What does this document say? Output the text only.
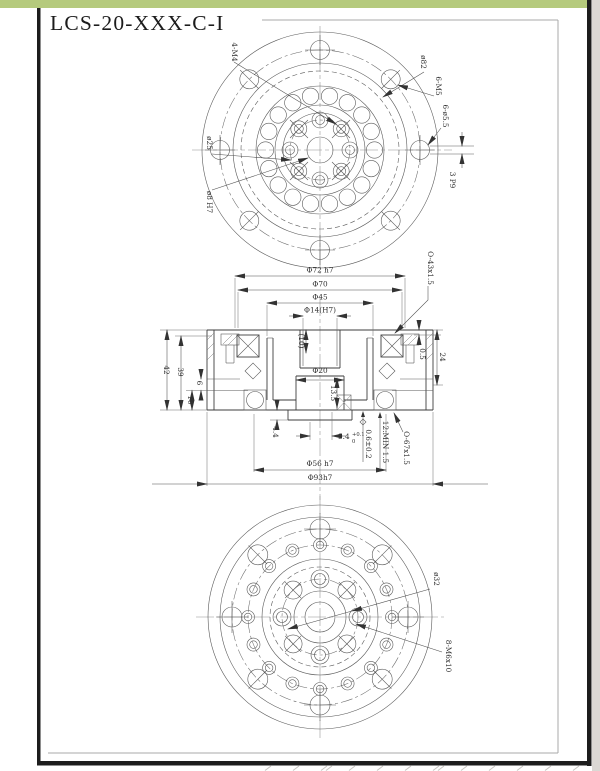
LCS-20-XXX-C-I
4-M4
ø25
ø8 H7
ø82
6-M5
6-ø5.5
3 P9
Φ72 h7
Φ70
Φ45
Φ14(H7)
(10)
O-43x1.5
0.5 24
42 39
6
10
Φ20
13.5
4.4	9.4 +0.1
0 0.6±0.2 12:MIN 1.5 O-67x1.5
Φ56 h7
Φ93h7
ø32
8-M6x10
